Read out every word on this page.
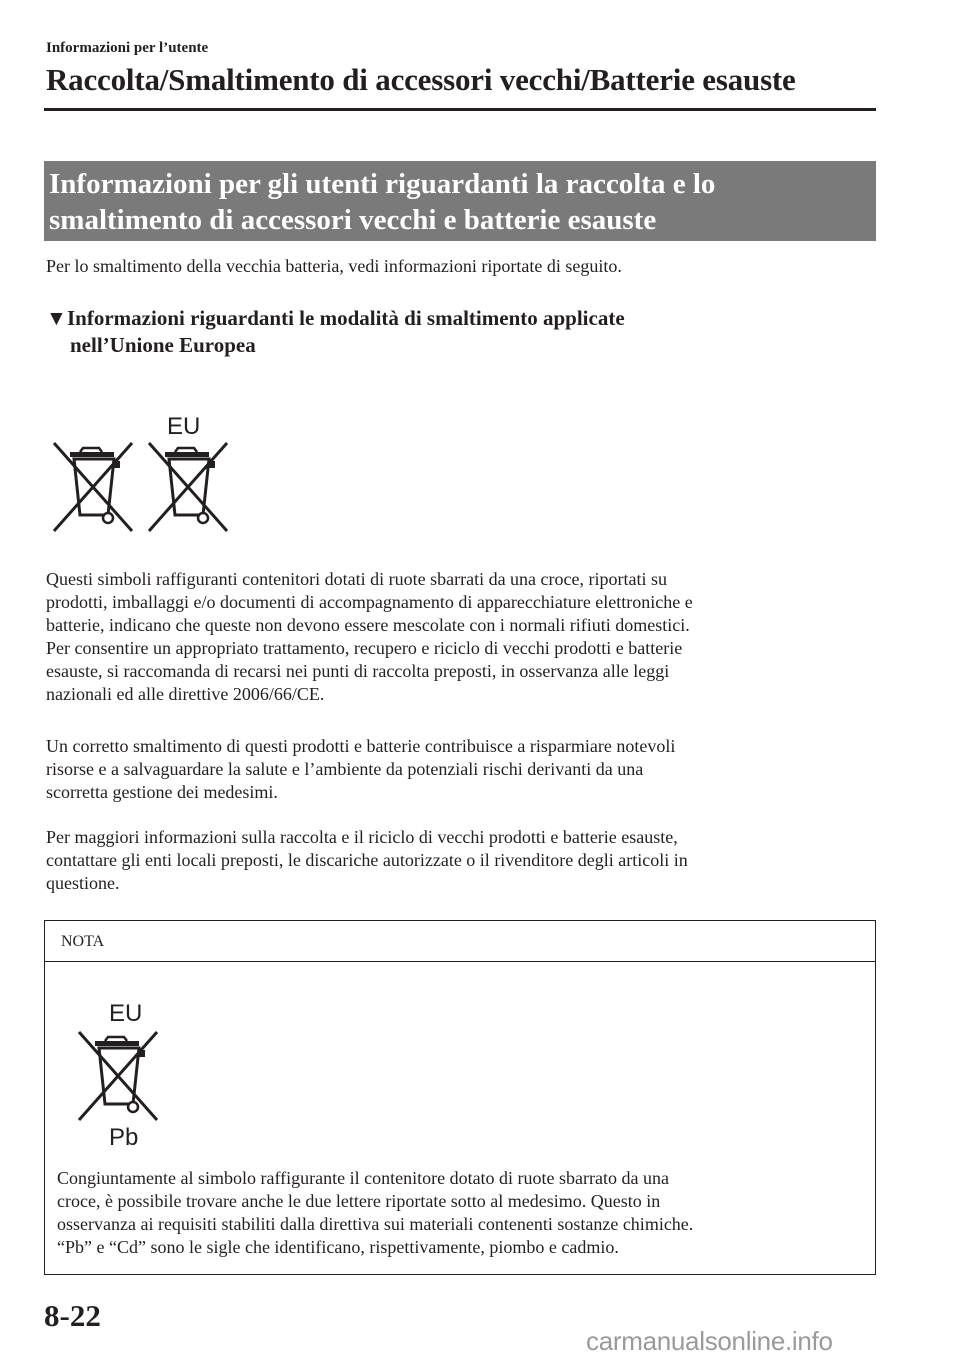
Informazioni per l’utente
Raccolta/Smaltimento di accessori vecchi/Batterie esauste
Informazioni per gli utenti riguardanti la raccolta e lo
smaltimento di accessori vecchi e batterie esauste
Per lo smaltimento della vecchia batteria, vedi informazioni riportate di seguito.
▼Informazioni riguardanti le modalità di smaltimento applicate
nell’Unione Europea
EU
Questi simboli raffiguranti contenitori dotati di ruote sbarrati da una croce, riportati su
prodotti, imballaggi e/o documenti di accompagnamento di apparecchiature elettroniche e
batterie, indicano che queste non devono essere mescolate con i normali rifiuti domestici.
Per consentire un appropriato trattamento, recupero e riciclo di vecchi prodotti e batterie
esauste, si raccomanda di recarsi nei punti di raccolta preposti, in osservanza alle leggi
nazionali ed alle direttive 2006/66/CE.
Un corretto smaltimento di questi prodotti e batterie contribuisce a risparmiare notevoli
risorse e a salvaguardare la salute e l’ambiente da potenziali rischi derivanti da una
scorretta gestione dei medesimi.
Per maggiori informazioni sulla raccolta e il riciclo di vecchi prodotti e batterie esauste,
contattare gli enti locali preposti, le discariche autorizzate o il rivenditore degli articoli in
questione.
NOTA
EU
Pb
Congiuntamente al simbolo raffigurante il contenitore dotato di ruote sbarrato da una
croce, è possibile trovare anche le due lettere riportate sotto al medesimo. Questo in
osservanza ai requisiti stabiliti dalla direttiva sui materiali contenenti sostanze chimiche.
“Pb” e “Cd” sono le sigle che identificano, rispettivamente, piombo e cadmio.
8-22
carmanualsonline.info
